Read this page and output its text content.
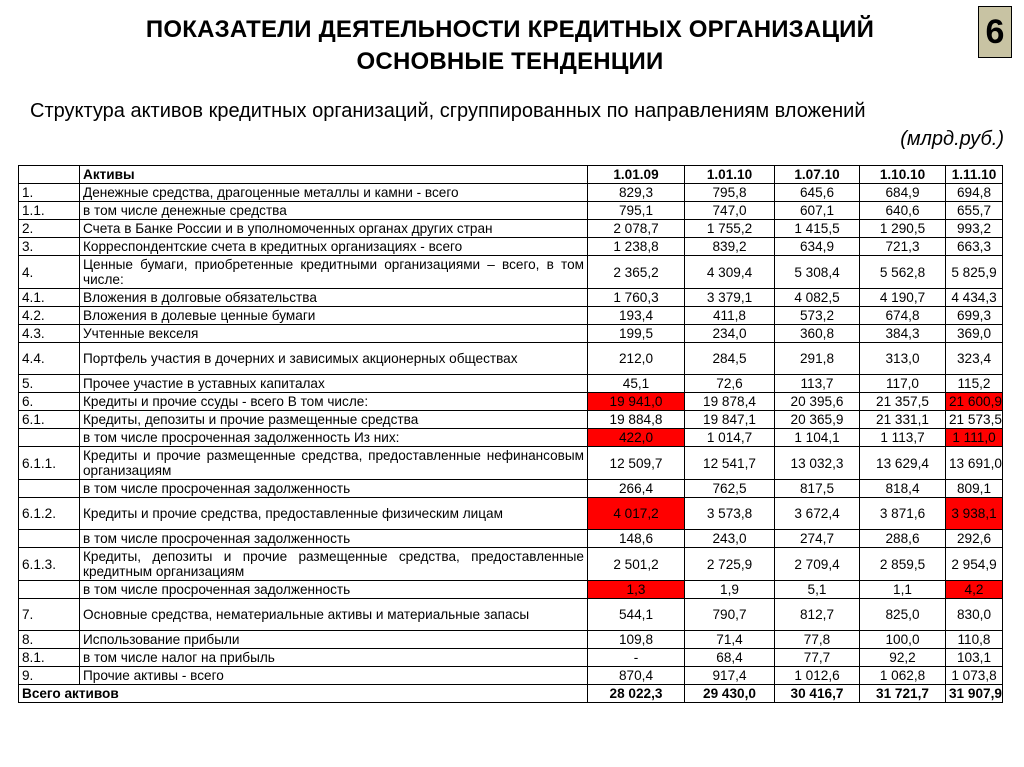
ПОКАЗАТЕЛИ ДЕЯТЕЛЬНОСТИ КРЕДИТНЫХ ОРГАНИЗАЦИЙ
ОСНОВНЫЕ ТЕНДЕНЦИИ
6
Структура активов кредитных организаций, сгруппированных по направлениям вложений
(млрд.руб.)
	Активы	1.01.09	1.01.10	1.07.10	1.10.10	1.11.10
1.	Денежные средства, драгоценные металлы и камни - всего	829,3	795,8	645,6	684,9	694,8
1.1.	в том числе денежные средства	795,1	747,0	607,1	640,6	655,7
2.	Счета в Банке России и в уполномоченных органах других стран	2 078,7	1 755,2	1 415,5	1 290,5	993,2
3.	Корреспондентские счета в кредитных организациях - всего	1 238,8	839,2	634,9	721,3	663,3
4.	Ценные бумаги, приобретенные кредитными организациями – всего, в том числе:	2 365,2	4 309,4	5 308,4	5 562,8	5 825,9
4.1.	Вложения в долговые обязательства	1 760,3	3 379,1	4 082,5	4 190,7	4 434,3
4.2.	Вложения в долевые ценные бумаги	193,4	411,8	573,2	674,8	699,3
4.3.	Учтенные векселя	199,5	234,0	360,8	384,3	369,0
4.4.	Портфель участия в дочерних и зависимых акционерных обществах	212,0	284,5	291,8	313,0	323,4
5.	Прочее участие в уставных капиталах	45,1	72,6	113,7	117,0	115,2
6.	Кредиты и прочие ссуды - всего В том числе:	19 941,0	19 878,4	20 395,6	21 357,5	21 600,9
6.1.	Кредиты, депозиты и прочие размещенные средства	19 884,8	19 847,1	20 365,9	21 331,1	21 573,5
	в том числе просроченная задолженность Из них:	422,0	1 014,7	1 104,1	1 113,7	1 111,0
6.1.1.	Кредиты и прочие размещенные средства, предоставленные нефинансовым организациям	12 509,7	12 541,7	13 032,3	13 629,4	13 691,0
	в том числе просроченная задолженность	266,4	762,5	817,5	818,4	809,1
6.1.2.	Кредиты и прочие средства, предоставленные физическим лицам	4 017,2	3 573,8	3 672,4	3 871,6	3 938,1
	в том числе просроченная задолженность	148,6	243,0	274,7	288,6	292,6
6.1.3.	Кредиты, депозиты и прочие размещенные средства, предоставленные кредитным организациям	2 501,2	2 725,9	2 709,4	2 859,5	2 954,9
	в том числе просроченная задолженность	1,3	1,9	5,1	1,1	4,2
7.	Основные средства, нематериальные активы и материальные запасы	544,1	790,7	812,7	825,0	830,0
8.	Использование прибыли	109,8	71,4	77,8	100,0	110,8
8.1.	в том числе налог на прибыль	-	68,4	77,7	92,2	103,1
9.	Прочие активы - всего	870,4	917,4	1 012,6	1 062,8	1 073,8
Всего активов		28 022,3	29 430,0	30 416,7	31 721,7	31 907,9
